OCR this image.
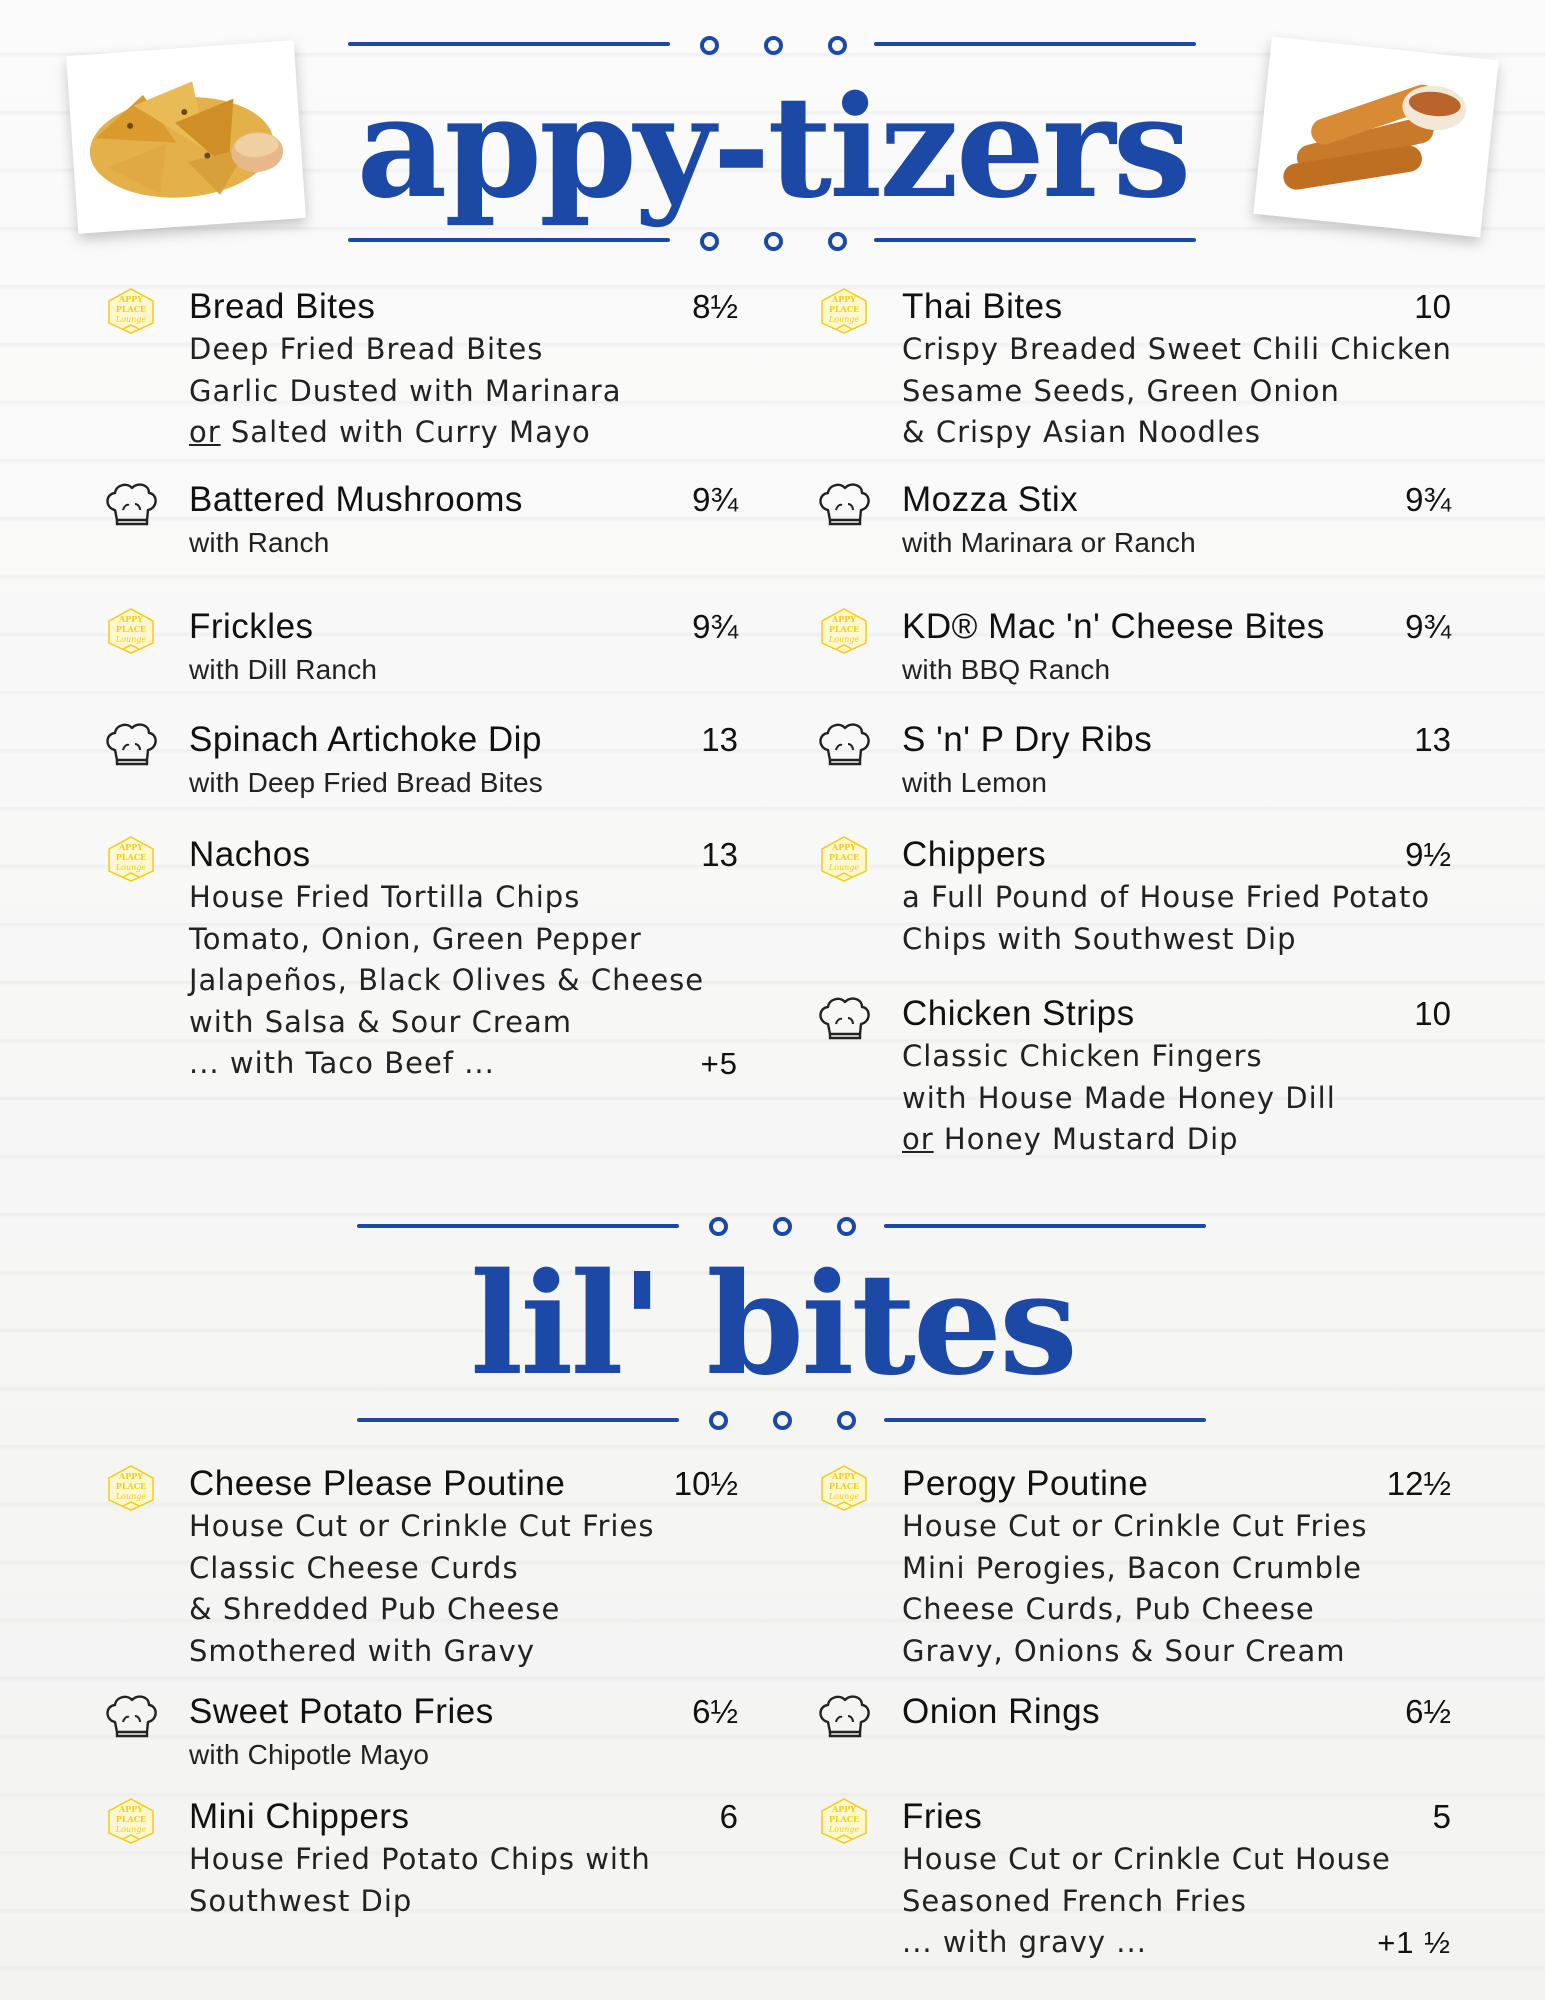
appy-tizers
lil' bites
APPY
PLACE
Lounge Bread Bites	8½
Deep Fried Bread Bites
Garlic Dusted with Marinara
or Salted with Curry Mayo
Battered Mushrooms	9¾
with Ranch
APPY
PLACE
Lounge Frickles	9¾
with Dill Ranch
Spinach Artichoke Dip	13
with Deep Fried Bread Bites
APPY
PLACE
Lounge Nachos	13
House Fried Tortilla Chips
Tomato, Onion, Green Pepper
Jalapeños, Black Olives & Cheese
with Salsa & Sour Cream
... with Taco Beef ...	+5
APPY
PLACE
Lounge Thai Bites	10
Crispy Breaded Sweet Chili Chicken
Sesame Seeds, Green Onion
& Crispy Asian Noodles
Mozza Stix	9¾
with Marinara or Ranch
APPY
PLACE
Lounge KD® Mac 'n' Cheese Bites	9¾
with BBQ Ranch
S 'n' P Dry Ribs	13
with Lemon
APPY
PLACE
Lounge Chippers	9½
a Full Pound of House Fried Potato
Chips with Southwest Dip
Chicken Strips	10
Classic Chicken Fingers
with House Made Honey Dill
or Honey Mustard Dip
APPY
PLACE
Lounge Cheese Please Poutine	10½
House Cut or Crinkle Cut Fries
Classic Cheese Curds
& Shredded Pub Cheese
Smothered with Gravy
Sweet Potato Fries	6½
with Chipotle Mayo
APPY
PLACE
Lounge Mini Chippers	6
House Fried Potato Chips with
Southwest Dip
APPY
PLACE
Lounge Perogy Poutine	12½
House Cut or Crinkle Cut Fries
Mini Perogies, Bacon Crumble
Cheese Curds, Pub Cheese
Gravy, Onions & Sour Cream
Onion Rings	6½
APPY
PLACE
Lounge Fries	5
House Cut or Crinkle Cut House
Seasoned French Fries
... with gravy ...	+1 ½
